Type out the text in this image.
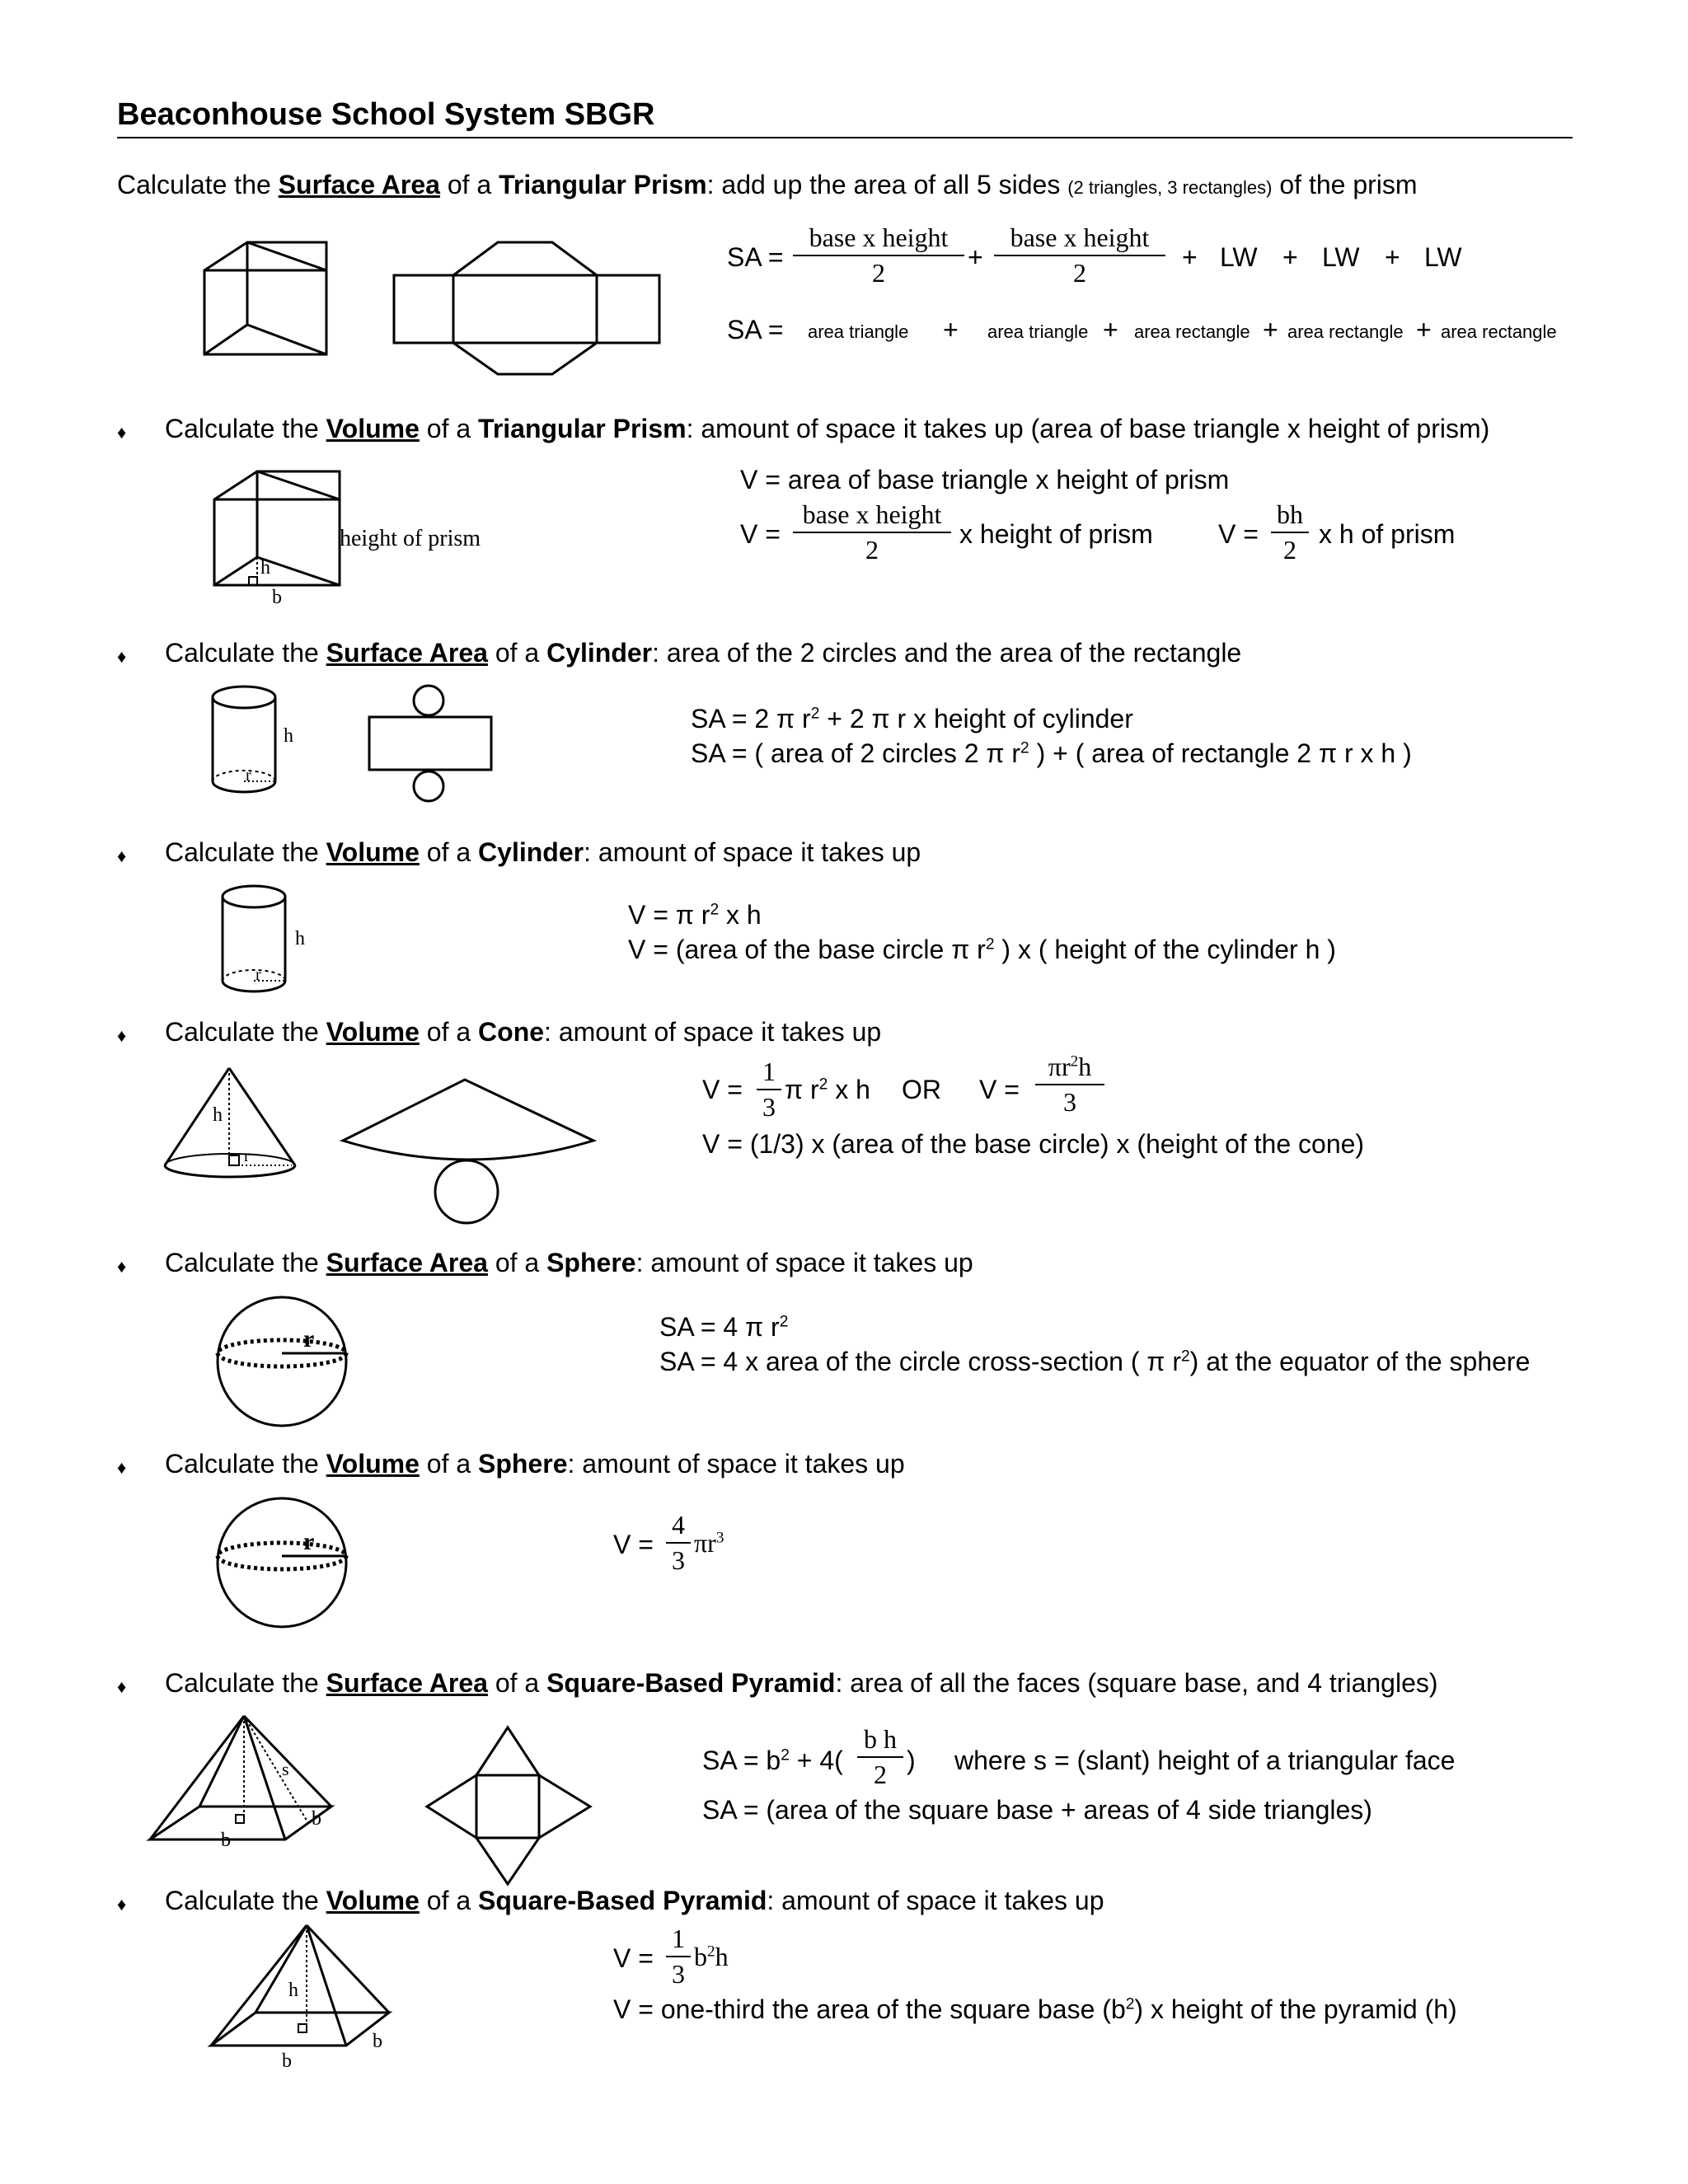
Beaconhouse School System SBGR
Calculate the Surface Area of a Triangular Prism: add up the area of all 5 sides (2 triangles, 3 rectangles) of the prism
SA =
base x height
2
+
base x height
2
+ LW + LW + LW
SA = area triangle + area triangle + area rectangle + area rectangle + area rectangle
♦ Calculate the Volume of a Triangular Prism: amount of space it takes up (area of base triangle x height of prism)
height of prism
h
b
V = area of base triangle x height of prism
V =
base x height
2
x height of prism $V = \frac{bh}{2}$ x h of prism
♦ Calculate the Surface Area of a Cylinder: area of the 2 circles and the area of the rectangle
h
r
SA = 2 π $r^2 + 2$ π r x height of cylinder
SA = ( area of 2 circles 2 π $r^2$ ) + ( area of rectangle 2 π r x h )
♦ Calculate the Volume of a Cylinder: amount of space it takes up
h
r
V = π $r^2$ x h
V = (area of the base circle π $r^2$ ) x ( height of the cylinder h )
♦ Calculate the Volume of a Cone: amount of space it takes up
h
r
$V = \frac{1}{3}$ π $r^2$ x h OR $V = \frac{\pi r^2h}{3}$
V = (1/3) x (area of the base circle) x (height of the cone)
♦ Calculate the Surface Area of a Sphere: amount of space it takes up
r	SA = 4 π $r^2$
SA = 4 x area of the circle cross-section ( π $r^2$) at the equator of the sphere
♦ Calculate the Volume of a Sphere: amount of space it takes up
r	$V = \frac{4}{3} \pi r^3$
♦ Calculate the Surface Area of a Square-Based Pyramid: area of all the faces (square base, and 4 triangles)
s
b
b
SA = $b^2 + 4( \frac{\text{b h}}{2}$ ) where s = (slant) height of a triangular face
SA = (area of the square base + areas of 4 side triangles)
♦ Calculate the Volume of a Square-Based Pyramid: amount of space it takes up
h
b
b
$V = \frac{1}{3} b^2h$
V = one-third the area of the square base $(b^2)$ x height of the pyramid (h)
